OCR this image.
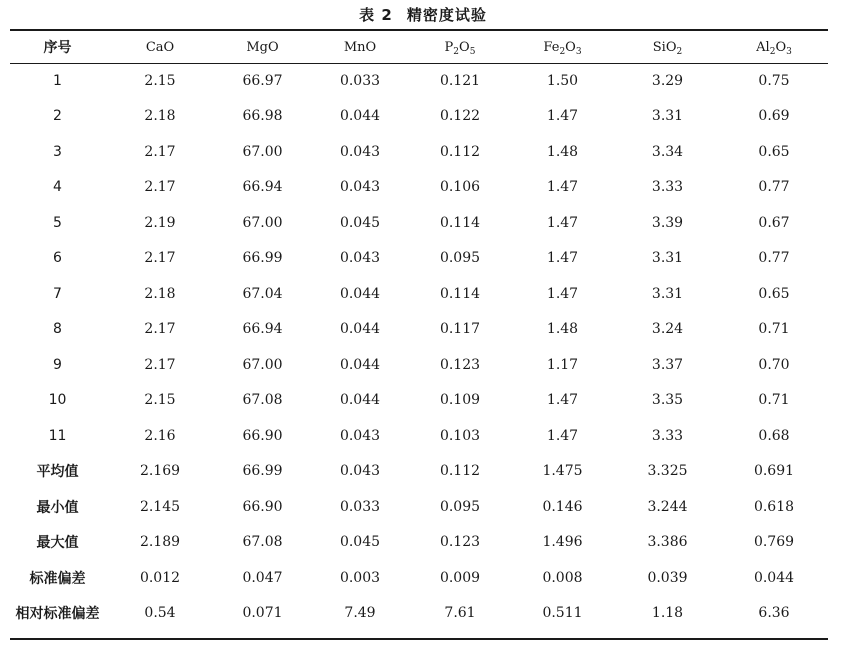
表 2 精密度试验
序号	CaO	MgO	MnO	$P_2O_5$	$Fe_2O_3$	SiO$_2$	$Al_2O_3$
1	2.15	66.97	0.033	0.121	1.50	3.29	0.75
2	2.18	66.98	0.044	0.122	1.47	3.31	0.69
3	2.17	67.00	0.043	0.112	1.48	3.34	0.65
4	2.17	66.94	0.043	0.106	1.47	3.33	0.77
5	2.19	67.00	0.045	0.114	1.47	3.39	0.67
6	2.17	66.99	0.043	0.095	1.47	3.31	0.77
7	2.18	67.04	0.044	0.114	1.47	3.31	0.65
8	2.17	66.94	0.044	0.117	1.48	3.24	0.71
9	2.17	67.00	0.044	0.123	1.17	3.37	0.70
10	2.15	67.08	0.044	0.109	1.47	3.35	0.71
11	2.16	66.90	0.043	0.103	1.47	3.33	0.68
平均值	2.169	66.99	0.043	0.112	1.475	3.325	0.691
最小值	2.145	66.90	0.033	0.095	0.146	3.244	0.618
最大值	2.189	67.08	0.045	0.123	1.496	3.386	0.769
标准偏差	0.012	0.047	0.003	0.009	0.008	0.039	0.044
相对标准偏差	0.54	0.071	7.49	7.61	0.511	1.18	6.36
